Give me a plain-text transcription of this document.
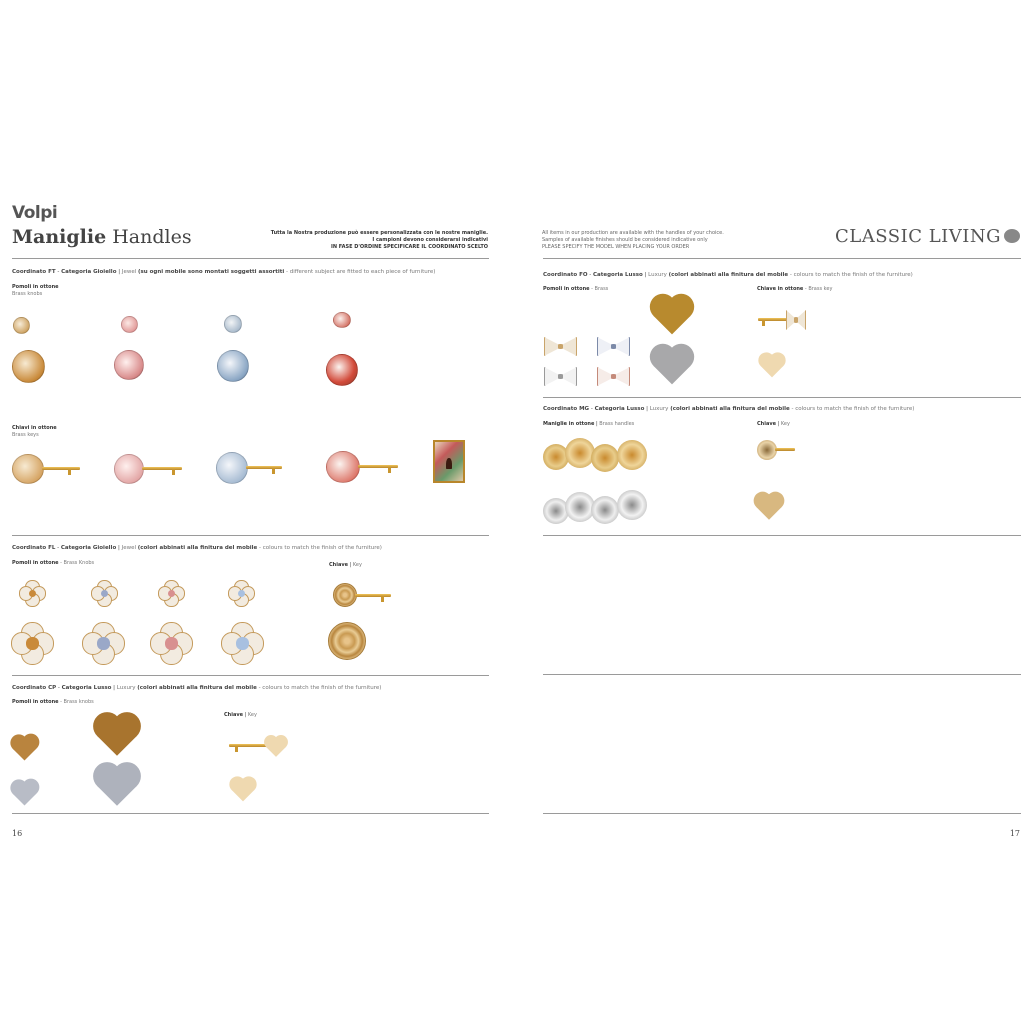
Volpi
Maniglie Handles	Tutta la Nostra produzione può essere personalizzata con le nostre maniglie.
I campioni devono considerarsi indicativi
IN FASE D'ORDINE SPECIFICARE IL COORDINATO SCELTO
Coordinato FT - Categoria Gioiello | Jewel (su ogni mobile sono montati soggetti assortiti - different subject are fitted to each piece of furniture)
Pomoli in ottone
Brass knobs
Chiavi in ottone
Brass keys
Coordinato FL - Categoria Gioiello | Jewel (colori abbinati alla finitura del mobile - colours to match the finish of the furniture)
Pomoli in ottone - Brass Knobs	Chiave | Key
Coordinato CP - Categoria Lusso | Luxury (colori abbinati alla finitura del mobile - colours to match the finish of the furniture)
Pomoli in ottone - Brass knobs
Chiave | Key
16
All items in our production are available with the handles of your choice.
Samples of available finishes should be considered indicative only
PLEASE SPECIFY THE MODEL WHEN PLACING YOUR ORDER	CLASSIC LIVING
Coordinato FO - Categoria Lusso | Luxury (colori abbinati alla finitura del mobile - colours to match the finish of the furniture)
Pomoli in ottone - Brass	Chiave in ottone - Brass key
Coordinato MG - Categoria Lusso | Luxury (colori abbinati alla finitura del mobile - colours to match the finish of the furniture)
Maniglie in ottone | Brass handles	Chiave | Key
17
